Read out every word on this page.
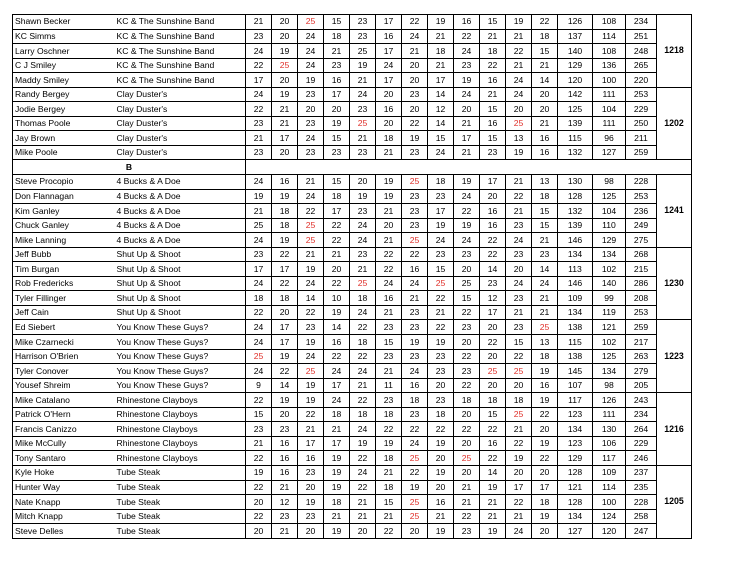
Shawn Becker	KC & The Sunshine Band	21	20	25	15	23	17	22	19	16	15	19	22	126	108	234	1218
KC Simms	KC & The Sunshine Band	23	20	24	18	23	16	24	21	22	21	21	18	137	114	251	
Larry Oschner	KC & The Sunshine Band	24	19	24	21	25	17	21	18	24	18	22	15	140	108	248	
C J Smiley	KC & The Sunshine Band	22	25	24	23	19	24	20	21	23	22	21	21	129	136	265	
Maddy Smiley	KC & The Sunshine Band	17	20	19	16	21	17	20	17	19	16	24	14	120	100	220	
Randy Bergey	Clay Duster's	24	19	23	17	24	20	23	14	24	21	24	20	142	111	253	1202
Jodie Bergey	Clay Duster's	22	21	20	20	23	16	20	12	20	15	20	20	125	104	229	
Thomas Poole	Clay Duster's	23	21	23	19	25	20	22	14	21	16	25	21	139	111	250	
Jay Brown	Clay Duster's	21	17	24	15	21	18	19	15	17	15	13	16	115	96	211	
Mike Poole	Clay Duster's	23	20	23	23	23	21	23	24	21	23	19	16	132	127	259	
B																	
Steve Procopio	4 Bucks & A Doe	24	16	21	15	20	19	25	18	19	17	21	13	130	98	228	1241
Don Flannagan	4 Bucks & A Doe	19	19	24	18	19	19	23	23	24	20	22	18	128	125	253	
Kim Ganley	4 Bucks & A Doe	21	18	22	17	23	21	23	17	22	16	21	15	132	104	236	
Chuck Ganley	4 Bucks & A Doe	25	18	25	22	24	20	23	19	19	16	23	15	139	110	249	
Mike Lanning	4 Bucks & A Doe	24	19	25	22	24	21	25	24	24	22	24	21	146	129	275	
Jeff Bubb	Shut Up & Shoot	23	22	21	21	23	22	22	23	23	22	23	23	134	134	268	1230
Tim Burgan	Shut Up & Shoot	17	17	19	20	21	22	16	15	20	14	20	14	113	102	215	
Rob Fredericks	Shut Up & Shoot	24	22	24	22	25	24	24	25	25	23	24	24	146	140	286	
Tyler Fillinger	Shut Up & Shoot	18	18	14	10	18	16	21	22	15	12	23	21	109	99	208	
Jeff Cain	Shut Up & Shoot	22	20	22	19	24	21	23	21	22	17	21	21	134	119	253	
Ed Siebert	You Know These Guys?	24	17	23	14	22	23	23	22	23	20	23	25	138	121	259	1223
Mike Czarnecki	You Know These Guys?	24	17	19	16	18	15	19	19	20	22	15	13	115	102	217	
Harrison O'Brien	You Know These Guys?	25	19	24	22	22	23	23	23	22	20	22	18	138	125	263	
Tyler Conover	You Know These Guys?	24	22	25	24	24	21	24	23	23	25	25	19	145	134	279	
Yousef Shreim	You Know These Guys?	9	14	19	17	21	11	16	20	22	20	20	16	107	98	205	
Mike Catalano	Rhinestone Clayboys	22	19	19	24	22	23	18	23	18	18	18	19	117	126	243	1216
Patrick O'Hern	Rhinestone Clayboys	15	20	22	18	18	18	23	18	20	15	25	22	123	111	234	
Francis Canizzo	Rhinestone Clayboys	23	23	21	21	24	22	22	22	22	22	21	20	134	130	264	
Mike McCully	Rhinestone Clayboys	21	16	17	17	19	19	24	19	20	16	22	19	123	106	229	
Tony Santaro	Rhinestone Clayboys	22	16	16	19	22	18	25	20	25	22	19	22	129	117	246	
Kyle Hoke	Tube Steak	19	16	23	19	24	21	22	19	20	14	20	20	128	109	237	1205
Hunter Way	Tube Steak	22	21	20	19	22	18	19	20	21	19	17	17	121	114	235	
Nate Knapp	Tube Steak	20	12	19	18	21	15	25	16	21	21	22	18	128	100	228	
Mitch Knapp	Tube Steak	22	23	23	21	21	21	25	21	22	21	21	19	134	124	258	
Steve Delles	Tube Steak	20	21	20	19	20	22	20	19	23	19	24	20	127	120	247	
